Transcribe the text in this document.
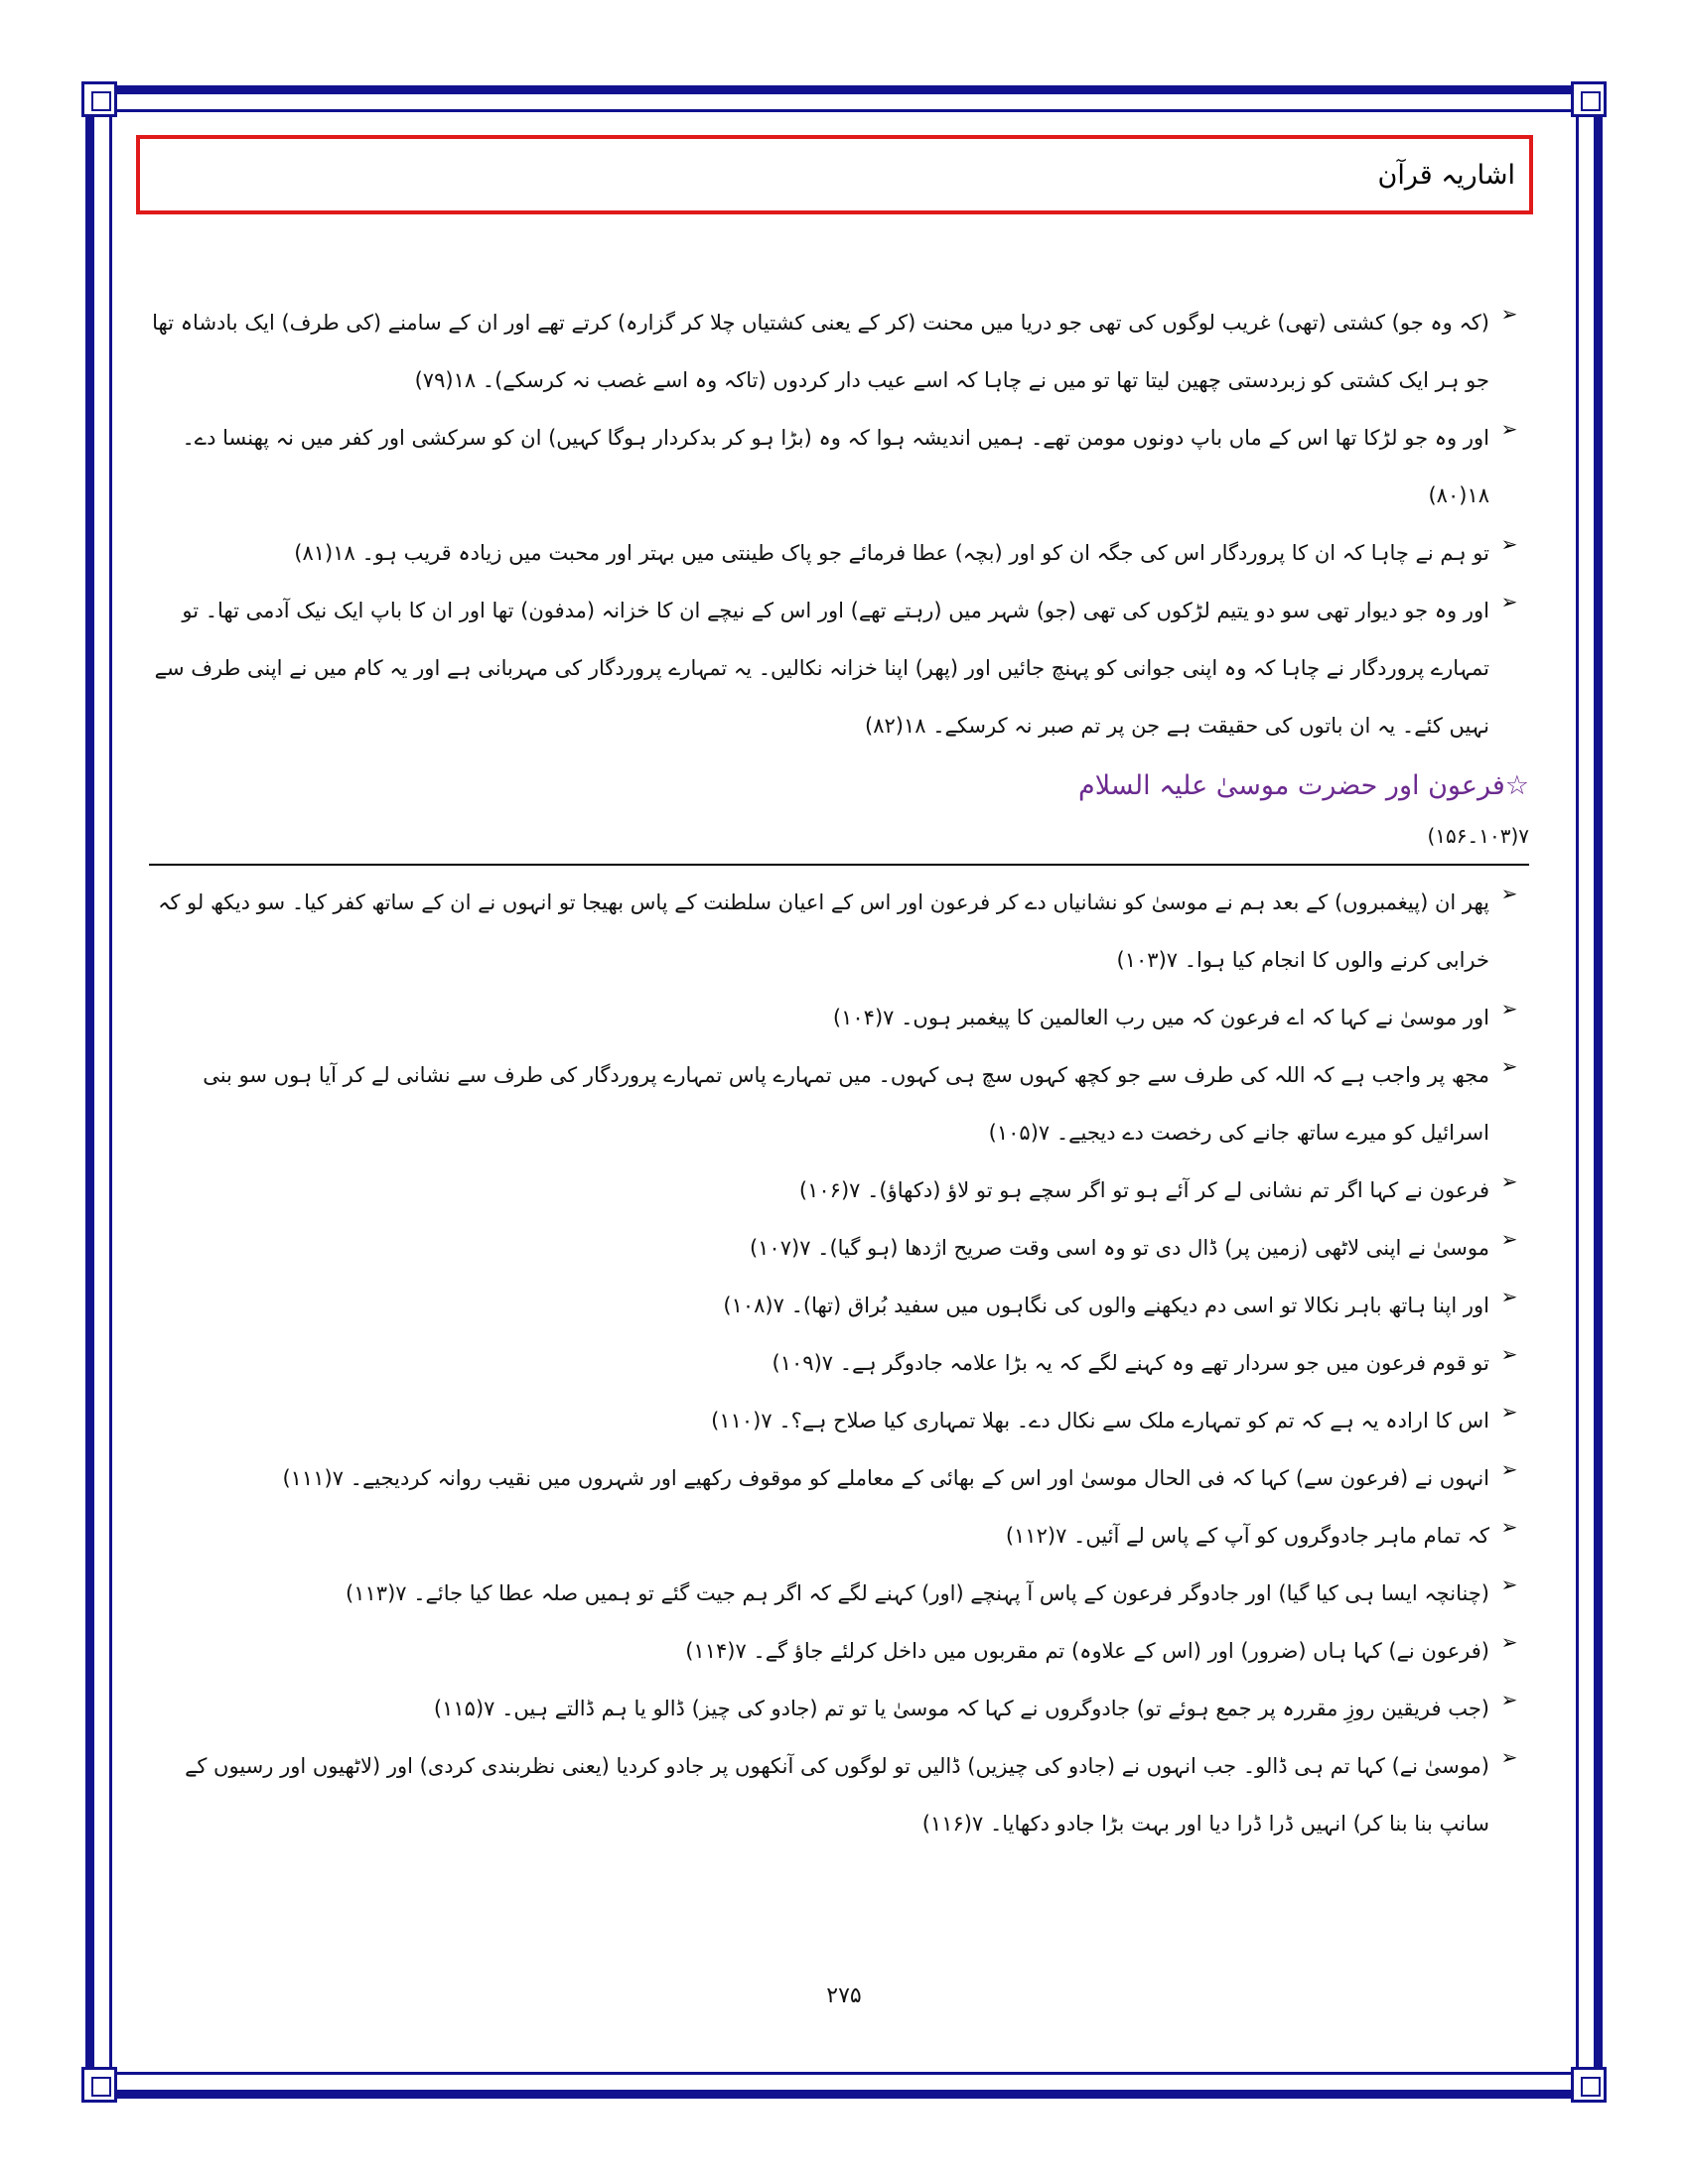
اشاریہ قرآن
➢
(کہ وہ جو) کشتی (تھی) غریب لوگوں کی تھی جو دریا میں محنت (کر کے یعنی کشتیاں چلا کر گزارہ) کرتے تھے اور ان کے سامنے (کی طرف) ایک بادشاہ تھا جو ہر ایک کشتی کو زبردستی چھین لیتا تھا تو میں نے چاہا کہ اسے عیب دار کردوں (تاکہ وہ اسے غصب نہ کرسکے)۔ ۱۸(۷۹)
➢
اور وہ جو لڑکا تھا اس کے ماں باپ دونوں مومن تھے۔ ہمیں اندیشہ ہوا کہ وہ (بڑا ہو کر بدکردار ہوگا کہیں) ان کو سرکشی اور کفر میں نہ پھنسا دے۔ ۱۸(۸۰)
➢
تو ہم نے چاہا کہ ان کا پروردگار اس کی جگہ ان کو اور (بچہ) عطا فرمائے جو پاک طینتی میں بہتر اور محبت میں زیادہ قریب ہو۔ ۱۸(۸۱)
➢
اور وہ جو دیوار تھی سو دو یتیم لڑکوں کی تھی (جو) شہر میں (رہتے تھے) اور اس کے نیچے ان کا خزانہ (مدفون) تھا اور ان کا باپ ایک نیک آدمی تھا۔ تو تمہارے پروردگار نے چاہا کہ وہ اپنی جوانی کو پہنچ جائیں اور (پھر) اپنا خزانہ نکالیں۔ یہ تمہارے پروردگار کی مہربانی ہے اور یہ کام میں نے اپنی طرف سے نہیں کئے۔ یہ ان باتوں کی حقیقت ہے جن پر تم صبر نہ کرسکے۔ ۱۸(۸۲)
☆فرعون اور حضرت موسیٰ علیہ السلام
۷(۱۰۳۔۱۵۶)
➢
پھر ان (پیغمبروں) کے بعد ہم نے موسیٰ کو نشانیاں دے کر فرعون اور اس کے اعیان سلطنت کے پاس بھیجا تو انہوں نے ان کے ساتھ کفر کیا۔ سو دیکھ لو کہ خرابی کرنے والوں کا انجام کیا ہوا۔ ۷(۱۰۳)
➢
اور موسیٰ نے کہا کہ اے فرعون کہ میں رب العالمین کا پیغمبر ہوں۔ ۷(۱۰۴)
➢
مجھ پر واجب ہے کہ اللہ کی طرف سے جو کچھ کہوں سچ ہی کہوں۔ میں تمہارے پاس تمہارے پروردگار کی طرف سے نشانی لے کر آیا ہوں سو بنی اسرائیل کو میرے ساتھ جانے کی رخصت دے دیجیے۔ ۷(۱۰۵)
➢
فرعون نے کہا اگر تم نشانی لے کر آئے ہو تو اگر سچے ہو تو لاؤ (دکھاؤ)۔ ۷(۱۰۶)
➢
موسیٰ نے اپنی لاٹھی (زمین پر) ڈال دی تو وہ اسی وقت صریح اژدھا (ہو گیا)۔ ۷(۱۰۷)
➢
اور اپنا ہاتھ باہر نکالا تو اسی دم دیکھنے والوں کی نگاہوں میں سفید بُراق (تھا)۔ ۷(۱۰۸)
➢
تو قوم فرعون میں جو سردار تھے وہ کہنے لگے کہ یہ بڑا علامہ جادوگر ہے۔ ۷(۱۰۹)
➢
اس کا ارادہ یہ ہے کہ تم کو تمہارے ملک سے نکال دے۔ بھلا تمہاری کیا صلاح ہے؟۔ ۷(۱۱۰)
➢
انہوں نے (فرعون سے) کہا کہ فی الحال موسیٰ اور اس کے بھائی کے معاملے کو موقوف رکھیے اور شہروں میں نقیب روانہ کردیجیے۔ ۷(۱۱۱)
➢
کہ تمام ماہر جادوگروں کو آپ کے پاس لے آئیں۔ ۷(۱۱۲)
➢
(چنانچہ ایسا ہی کیا گیا) اور جادوگر فرعون کے پاس آ پہنچے (اور) کہنے لگے کہ اگر ہم جیت گئے تو ہمیں صلہ عطا کیا جائے۔ ۷(۱۱۳)
➢
(فرعون نے) کہا ہاں (ضرور) اور (اس کے علاوہ) تم مقربوں میں داخل کرلئے جاؤ گے۔ ۷(۱۱۴)
➢
(جب فریقین روزِ مقررہ پر جمع ہوئے تو) جادوگروں نے کہا کہ موسیٰ یا تو تم (جادو کی چیز) ڈالو یا ہم ڈالتے ہیں۔ ۷(۱۱۵)
➢
(موسیٰ نے) کہا تم ہی ڈالو۔ جب انہوں نے (جادو کی چیزیں) ڈالیں تو لوگوں کی آنکھوں پر جادو کردیا (یعنی نظربندی کردی) اور (لاٹھیوں اور رسیوں کے سانپ بنا بنا کر) انہیں ڈرا ڈرا دیا اور بہت بڑا جادو دکھایا۔ ۷(۱۱۶)
۲۷۵
